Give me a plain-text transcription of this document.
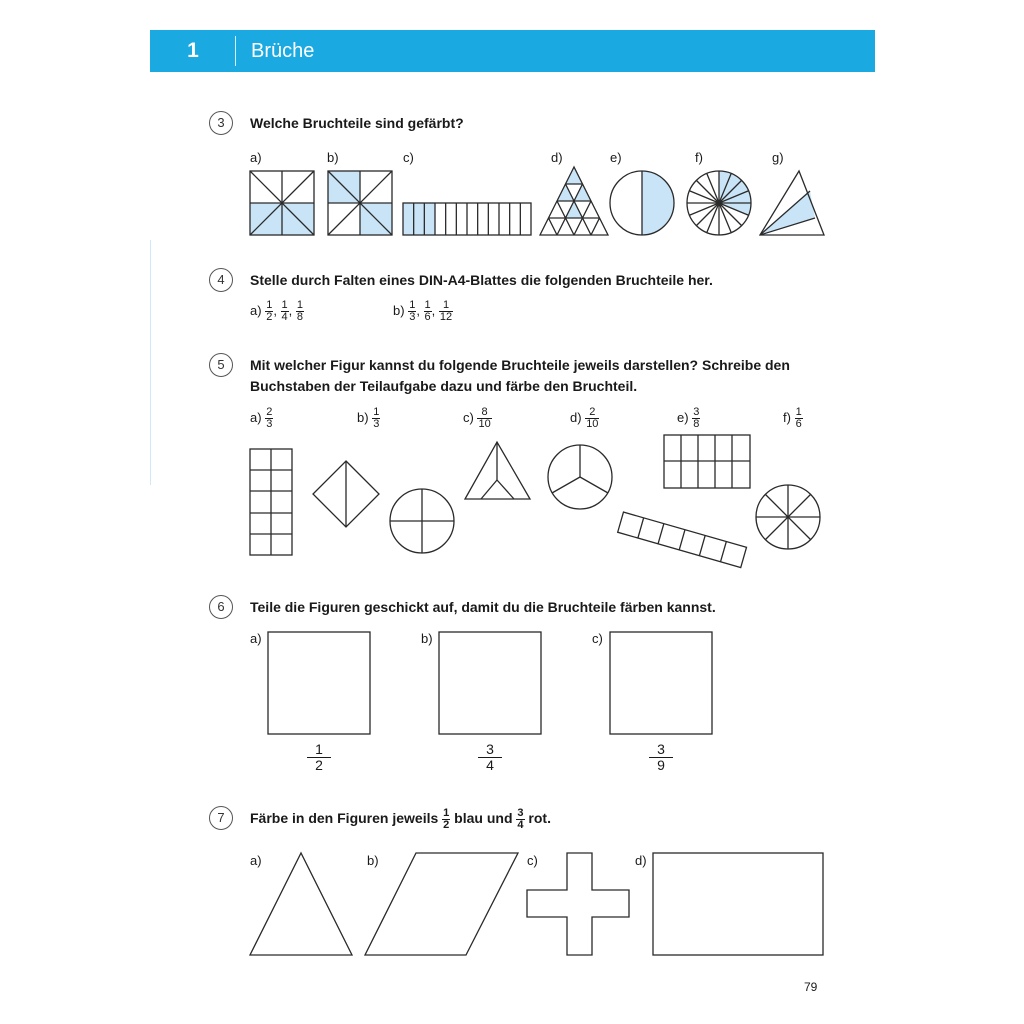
1	Brüche
3	Welche Bruchteile sind gefärbt?
a)	b)	c)	d)	e)	f)	g)
4	Stelle durch Falten eines DIN-A4-Blattes die folgenden Bruchteile her.
$a) \frac{1}{2}$ , $\frac{1}{4}$ , $\frac{1}{8}$	$b) \frac{1}{3}$ , $\frac{1}{6}$ , $\frac{1}{12}$
5	Mit welcher Figur kannst du folgende Bruchteile jeweils darstellen? Schreibe den
Buchstaben der Teilaufgabe dazu und färbe den Bruchteil.
$a) \frac{2}{3}$	$b) \frac{1}{3}$	$c) \frac{8}{10}$	$d) \frac{2}{10}$	$e) \frac{3}{8}$	$f) \frac{1}{6}$
6	Teile die Figuren geschickt auf, damit du die Bruchteile färben kannst.
a)	b)	c)
1
2
3
4
3
9
7	Färbe in den Figuren jeweils $\frac{1}{2}$ blau und $\frac{3}{4}$ rot.
a)	b)	c)	d)
79
